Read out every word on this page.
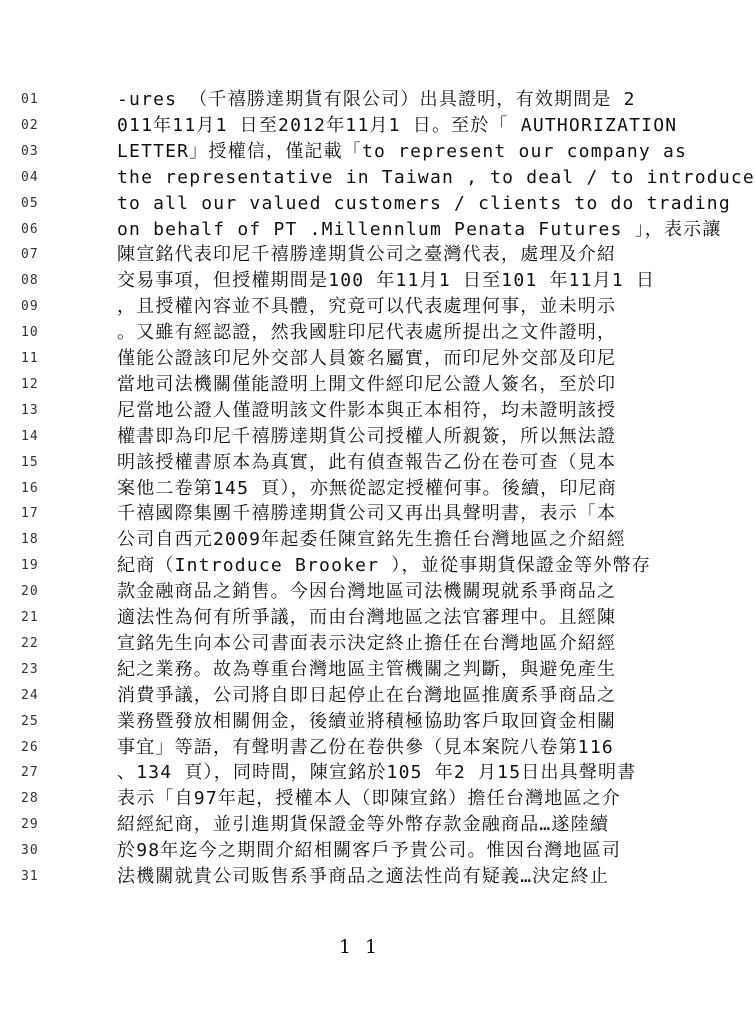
01	-ures （千禧勝達期貨有限公司）出具證明，有效期間是 2
02	011年11月1 日至2012年11月1 日。至於「 AUTHORIZATION
03	LETTER」授權信，僅記載「to represent our company as
04	the representative in Taiwan , to deal / to introduce
05	to all our valued customers / clients to do trading
06	on behalf of PT .Millennlum Penata Futures 」，表示讓
07	陳宣銘代表印尼千禧勝達期貨公司之臺灣代表，處理及介紹
08	交易事項，但授權期間是100 年11月1 日至101 年11月1 日
09	，且授權內容並不具體，究竟可以代表處理何事，並未明示
10	。又雖有經認證，然我國駐印尼代表處所提出之文件證明，
11	僅能公證該印尼外交部人員簽名屬實，而印尼外交部及印尼
12	當地司法機關僅能證明上開文件經印尼公證人簽名，至於印
13	尼當地公證人僅證明該文件影本與正本相符，均未證明該授
14	權書即為印尼千禧勝達期貨公司授權人所親簽，所以無法證
15	明該授權書原本為真實，此有偵查報告乙份在卷可查（見本
16	案他二卷第145 頁），亦無從認定授權何事。後續，印尼商
17	千禧國際集團千禧勝達期貨公司又再出具聲明書，表示「本
18	公司自西元2009年起委任陳宣銘先生擔任台灣地區之介紹經
19	紀商（Introduce Brooker ），並從事期貨保證金等外幣存
20	款金融商品之銷售。今因台灣地區司法機關現就系爭商品之
21	適法性為何有所爭議，而由台灣地區之法官審理中。且經陳
22	宣銘先生向本公司書面表示決定終止擔任在台灣地區介紹經
23	紀之業務。故為尊重台灣地區主管機關之判斷，與避免產生
24	消費爭議，公司將自即日起停止在台灣地區推廣系爭商品之
25	業務暨發放相關佣金，後續並將積極協助客戶取回資金相關
26	事宜」等語，有聲明書乙份在卷供參（見本案院八卷第116
27	、134 頁），同時間，陳宣銘於105 年2 月15日出具聲明書
28	表示「自97年起，授權本人（即陳宣銘）擔任台灣地區之介
29	紹經紀商，並引進期貨保證金等外幣存款金融商品…遂陸續
30	於98年迄今之期間介紹相關客戶予貴公司。惟因台灣地區司
31	法機關就貴公司販售系爭商品之適法性尚有疑義…決定終止
1 1
